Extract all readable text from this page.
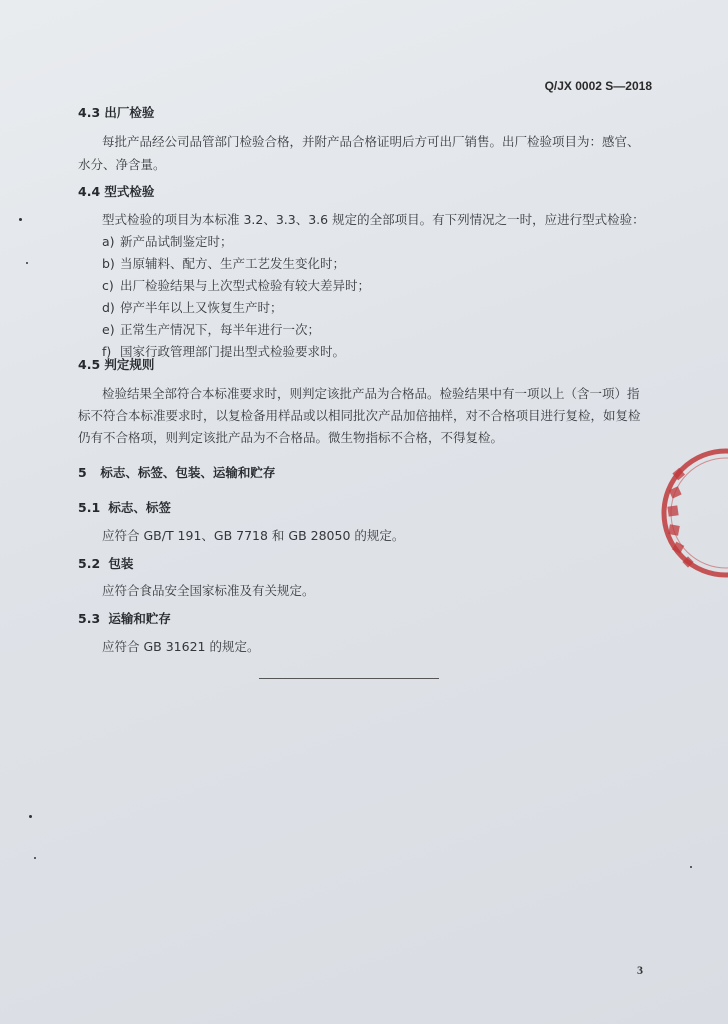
Q/JX 0002 S—2018
4.3 出厂检验
每批产品经公司品管部门检验合格，并附产品合格证明后方可出厂销售。出厂检验项目为：感官、
水分、净含量。
4.4 型式检验
型式检验的项目为本标准 3.2、3.3、3.6 规定的全部项目。有下列情况之一时，应进行型式检验：
a) 新产品试制鉴定时；
b) 当原辅料、配方、生产工艺发生变化时；
c) 出厂检验结果与上次型式检验有较大差异时；
d) 停产半年以上又恢复生产时；
e) 正常生产情况下，每半年进行一次；
f) 国家行政管理部门提出型式检验要求时。
4.5 判定规则
检验结果全部符合本标准要求时，则判定该批产品为合格品。检验结果中有一项以上（含一项）指
标不符合本标准要求时，以复检备用样品或以相同批次产品加倍抽样，对不合格项目进行复检，如复检
仍有不合格项，则判定该批产品为不合格品。微生物指标不合格，不得复检。
5 标志、标签、包装、运输和贮存
5.1 标志、标签
应符合 GB/T 191、GB 7718 和 GB 28050 的规定。
5.2 包装
应符合食品安全国家标准及有关规定。
5.3 运输和贮存
应符合 GB 31621 的规定。
3
